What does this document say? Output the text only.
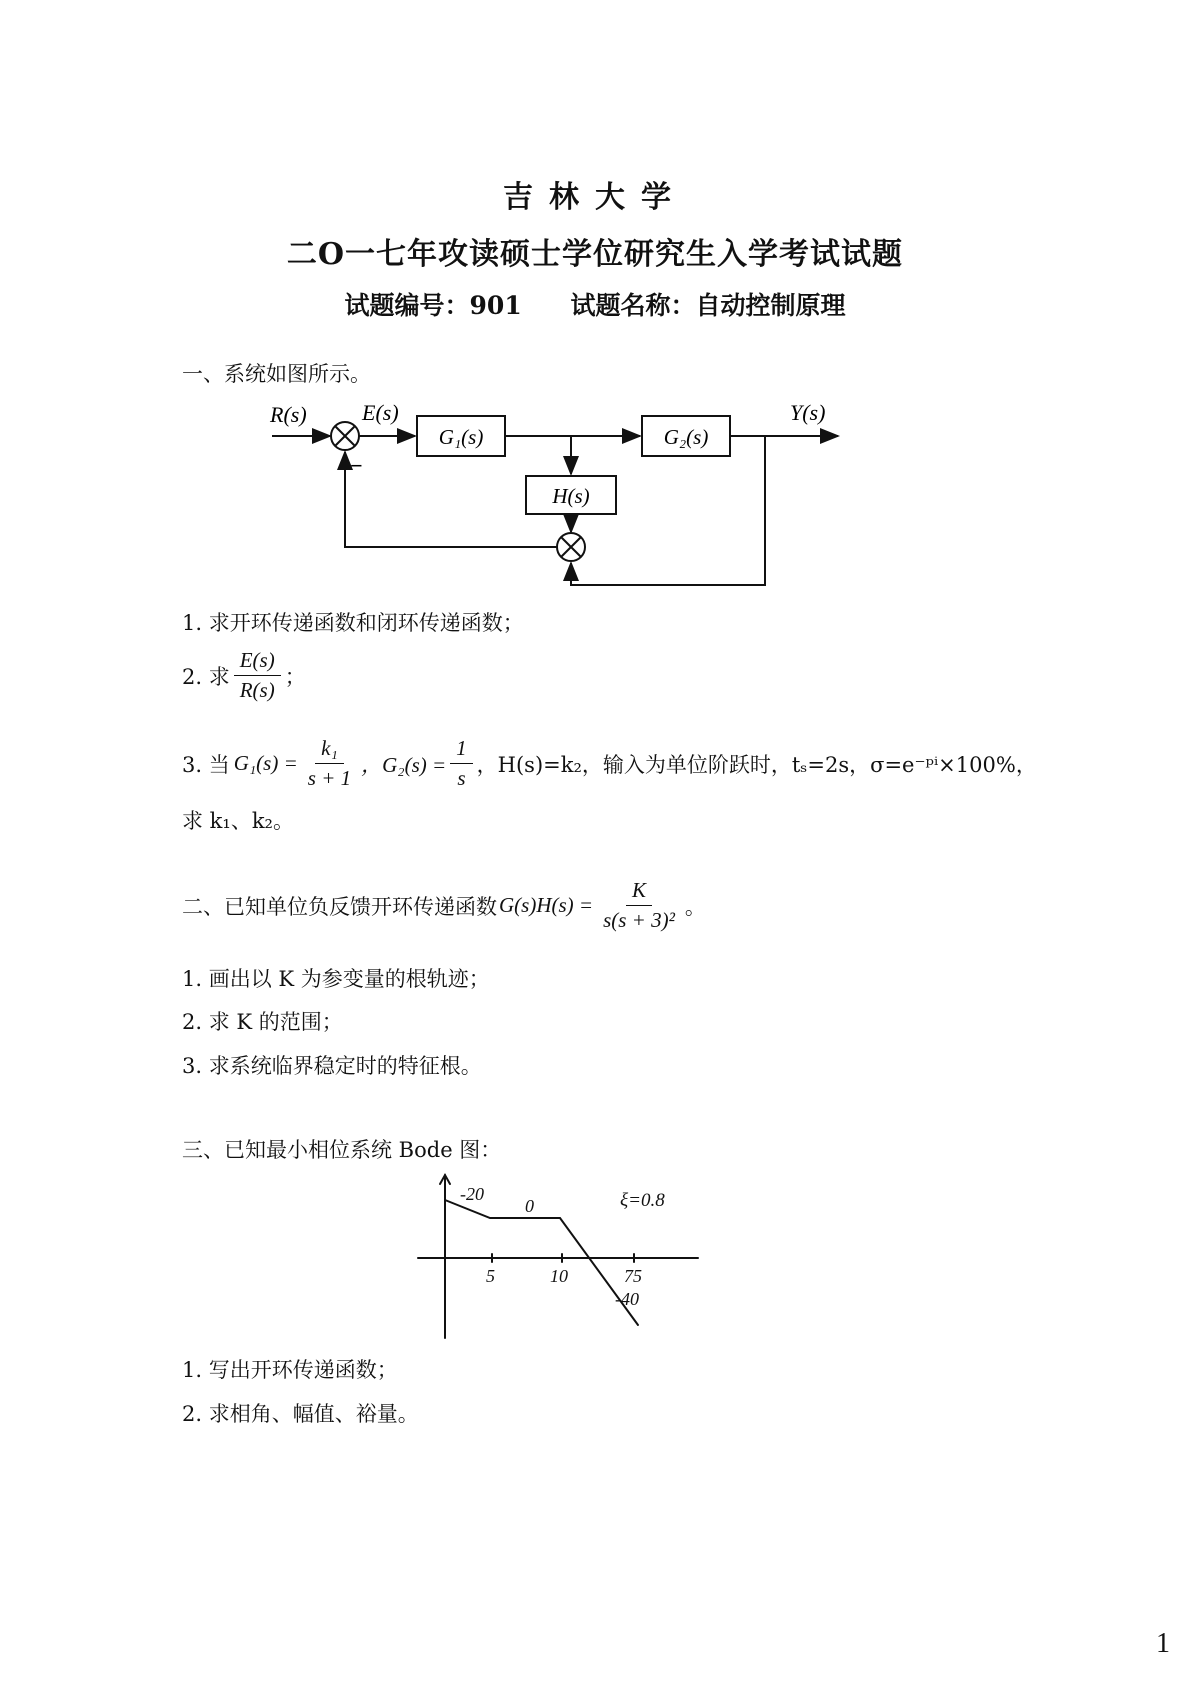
吉林大学
二O一七年攻读硕士学位研究生入学考试试题
试题编号：901 试题名称：自动控制原理
一、系统如图所示。
R(s)	E(s)	Y(s)
G₁(s)	G₂(s)
H(s)
−
1. 求开环传递函数和闭环传递函数；
2. 求 $\frac{E(s)}{R(s)}$ ；
3. 当 $G_1(s) = \frac{\text{k₁}}{s + 1}$ ，$G_2(s) = \frac{1}{s}$ ，H(s)=k₂，输入为单位阶跃时，tₛ=2s，σ=e⁻ᵖⁱ×100%，
求 k₁、k₂。
二、已知单位负反馈开环传递函数 $G(s)H(s) = \frac{K}{\text{s(s + 3)²}}$ 。
1. 画出以 K 为参变量的根轨迹；
2. 求 K 的范围；
3. 求系统临界稳定时的特征根。
三、已知最小相位系统 Bode 图：
-20
0
-40
ξ=0.8
5	10	75
1. 写出开环传递函数；
2. 求相角、幅值、裕量。
1
